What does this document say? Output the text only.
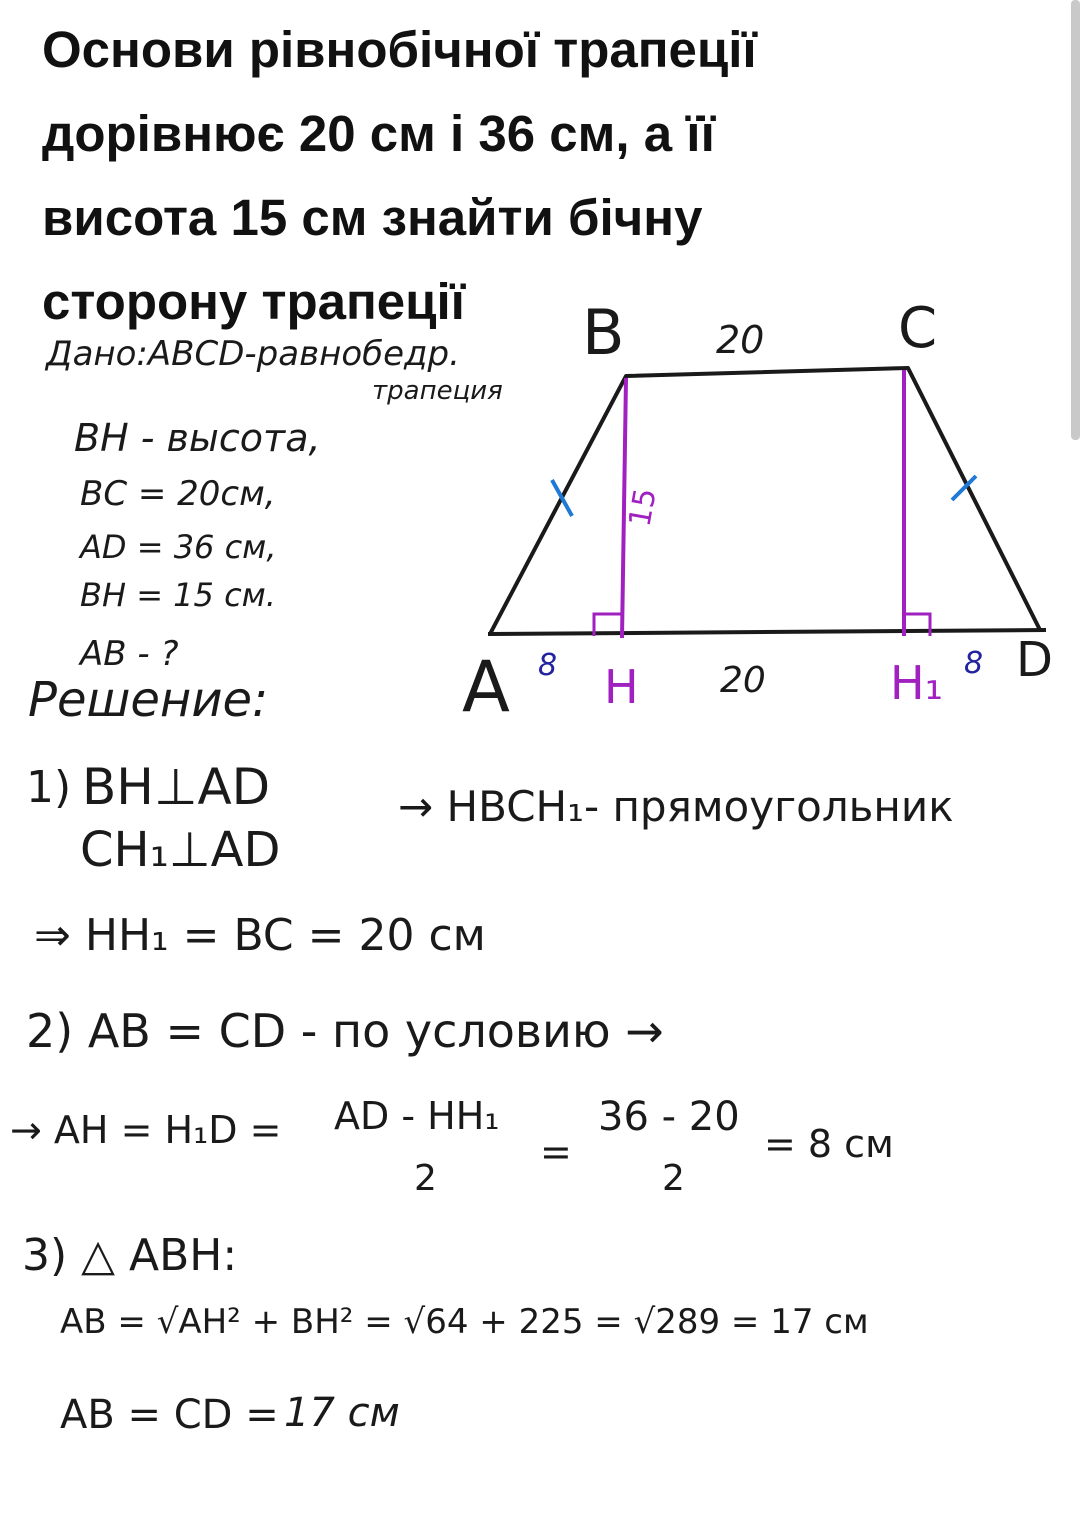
Основи рівнобічної трапеції
дорівнює 20 см і 36 см, а її
висота 15 см знайти бічну
сторону трапеції
Дано:ABCD-равнобедр.
трапеция
BH - высота,
BC = 20см,
AD = 36 см,
BH = 15 см.
AB - ?
B	C
20
15
A	D
H	H₁
8	20	8
Решение:
1) BH⊥AD
CH₁⊥AD
→ HBCH₁- прямоугольник
⇒ HH₁ = BC = 20 см
2) AB = CD - по условию →
→ AH = H₁D = AD - HH₁
2
=
36 - 20
2
= 8 см
3) △ ABH:
AB = √AH² + BH² = √64 + 225 = √289 = 17 см
AB = CD = 17 см
